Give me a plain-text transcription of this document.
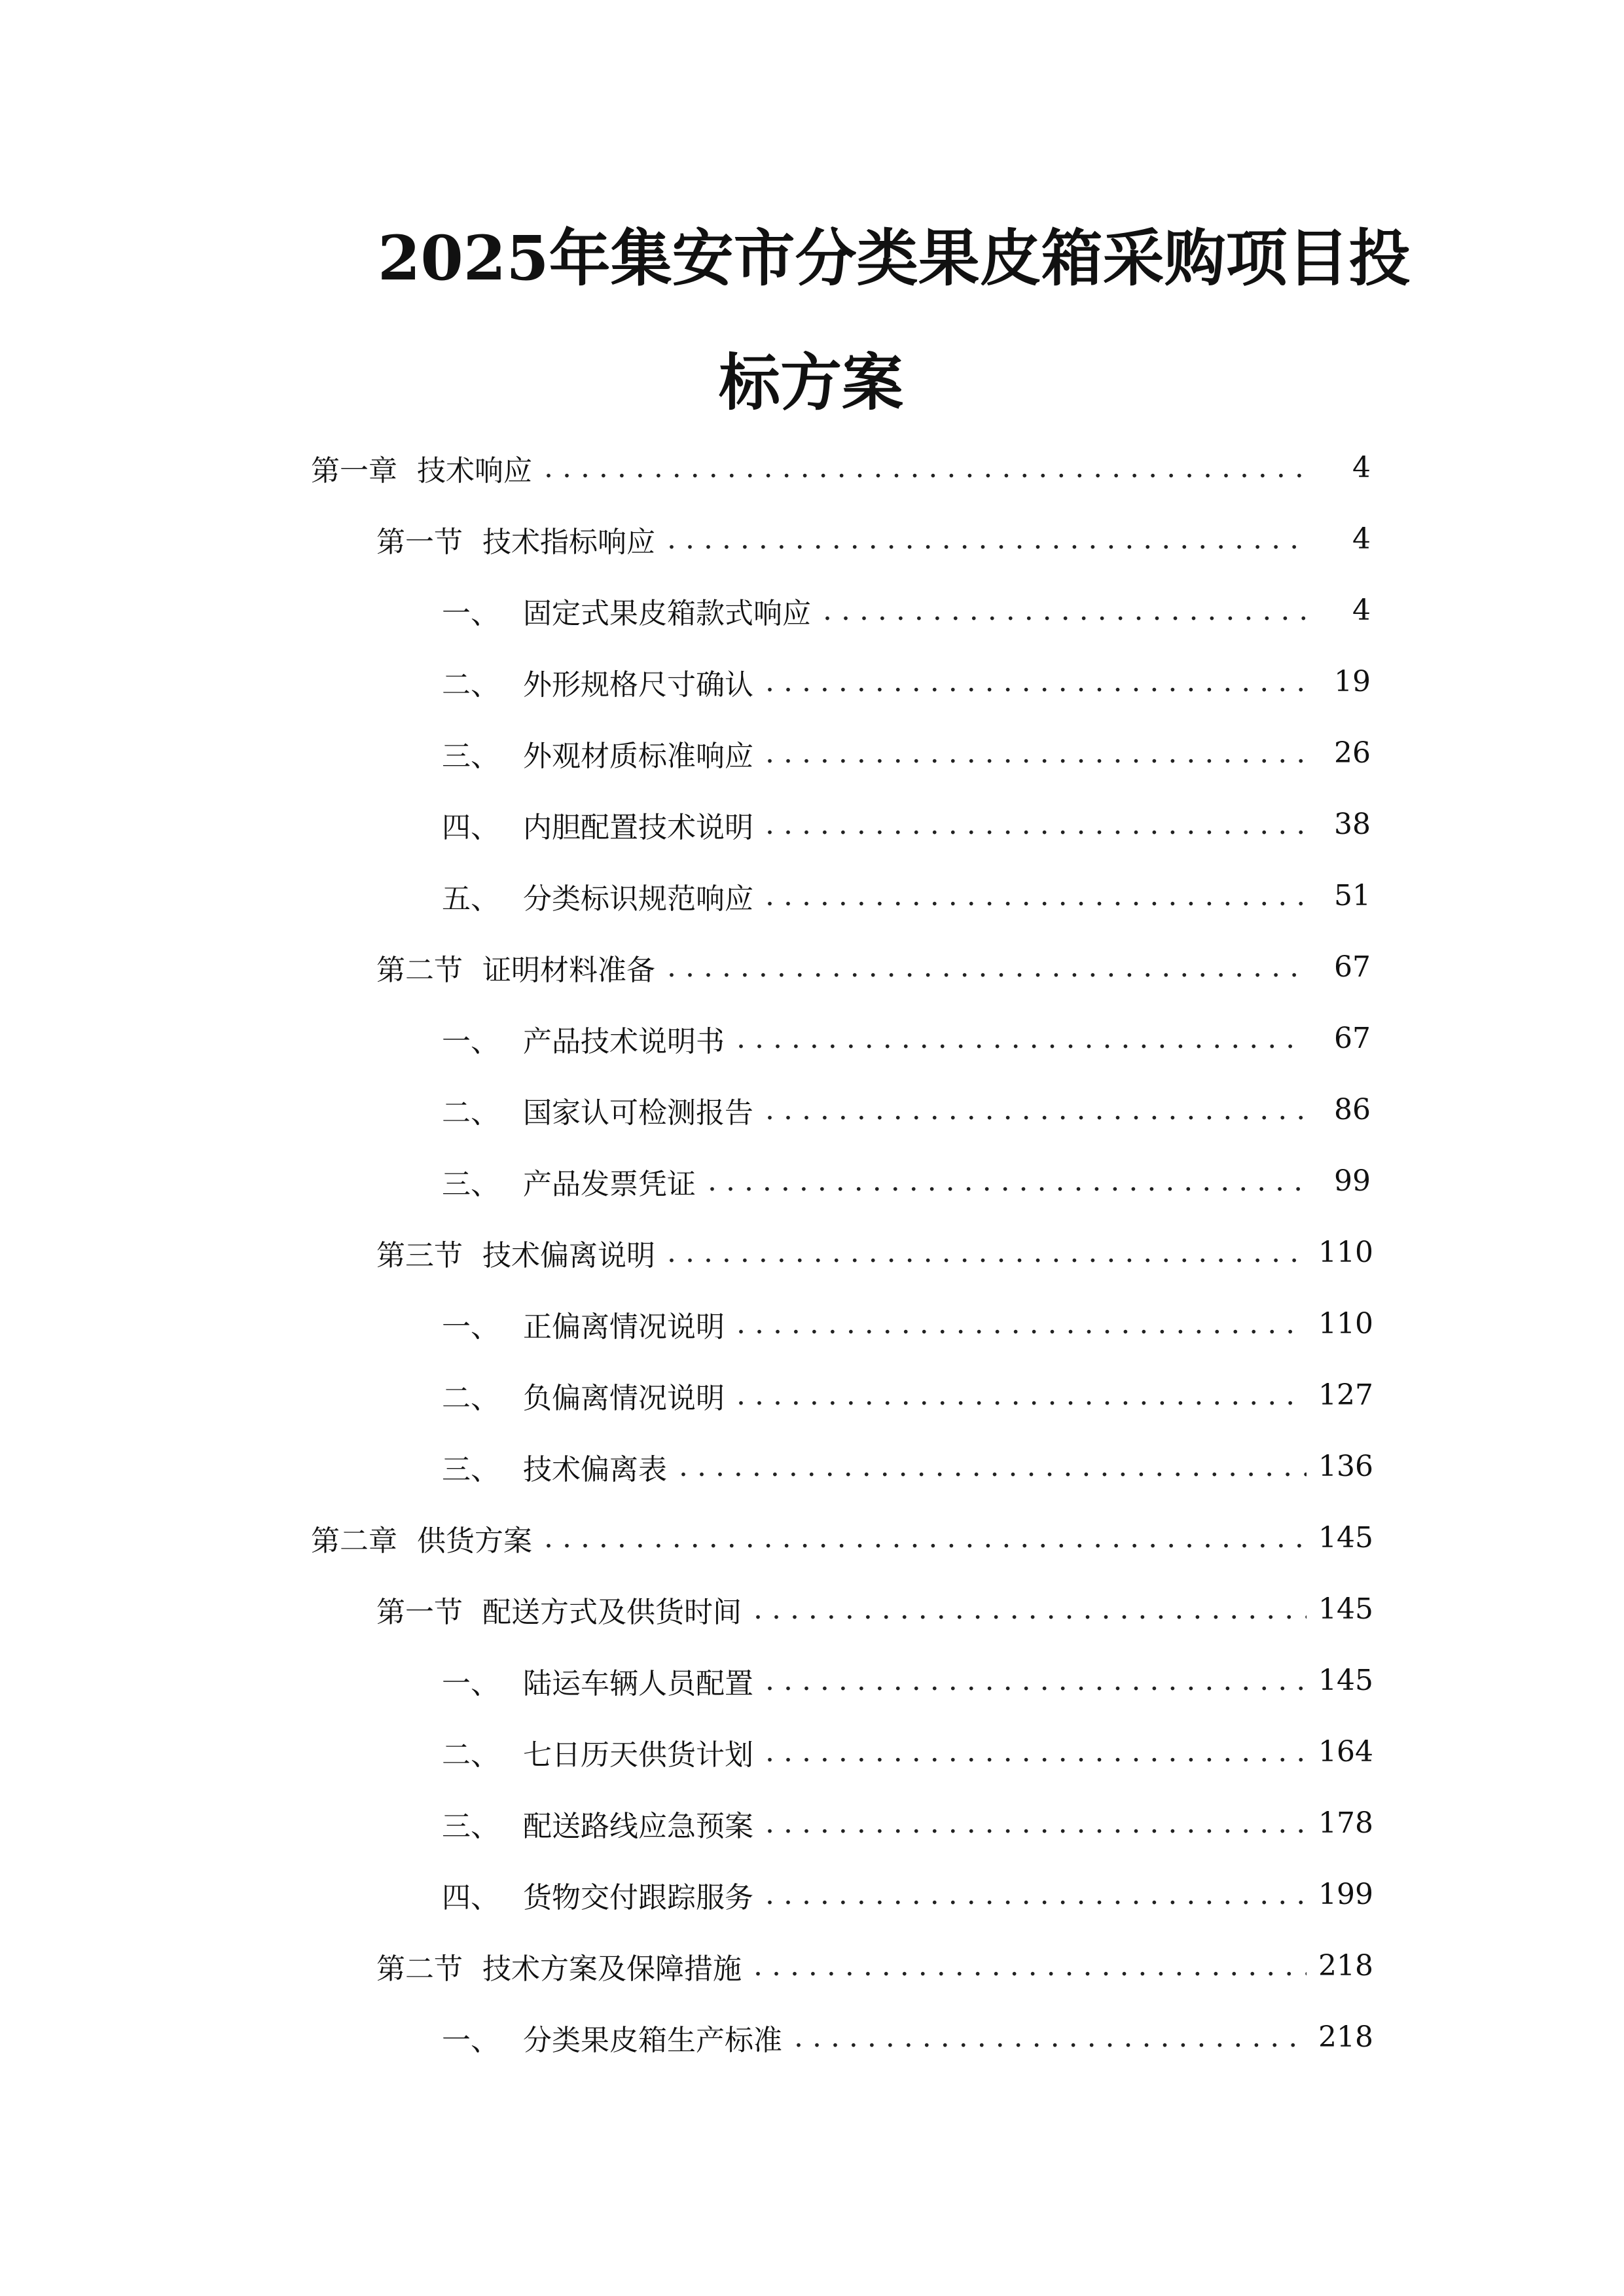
2025年集安市分类果皮箱采购项目投
标方案
第一章 技术响应 . . .	4
第一节 技术指标响应 . . .	4
一、 固定式果皮箱款式响应 . . .	4
二、 外形规格尺寸确认 . . .	19
三、 外观材质标准响应 . . .	26
四、 内胆配置技术说明 . . .	38
五、 分类标识规范响应 . . .	51
第二节 证明材料准备 . . .	67
一、 产品技术说明书 . . .	67
二、 国家认可检测报告 . . .	86
三、 产品发票凭证 . . .	99
第三节 技术偏离说明 . . .	110
一、 正偏离情况说明 . . .	110
二、 负偏离情况说明 . . .	127
三、 技术偏离表 . . .	136
第二章 供货方案 . . .	145
第一节 配送方式及供货时间 . . .	145
一、 陆运车辆人员配置 . . .	145
二、 七日历天供货计划 . . .	164
三、 配送路线应急预案 . . .	178
四、 货物交付跟踪服务 . . .	199
第二节 技术方案及保障措施 . . .	218
一、 分类果皮箱生产标准 . . .	218
